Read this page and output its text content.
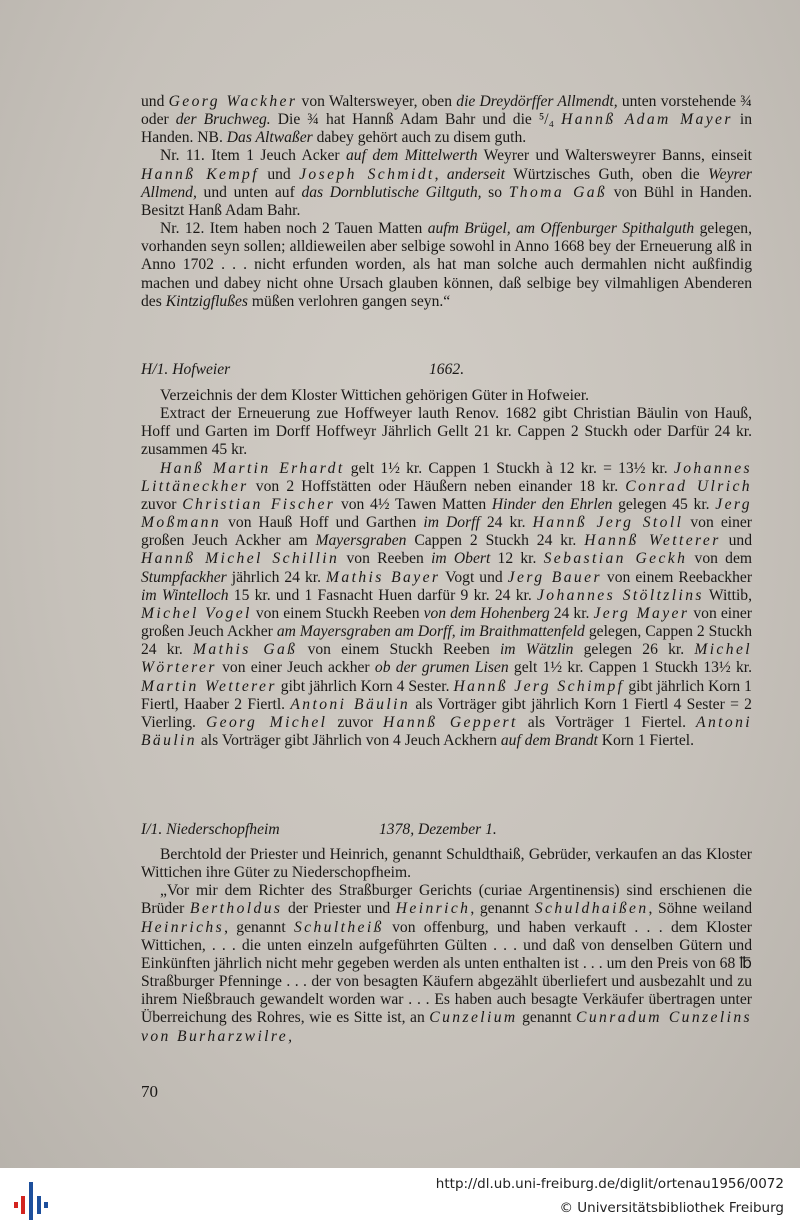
und Georg Wackher von Waltersweyer, oben die Dreydörffer Allmendt, unten vorstehende ¾ oder der Bruchweg. Die ¾ hat Hannß Adam Bahr und die ⁵/₄ Hannß Adam Mayer in Handen. NB. Das Altwaßer dabey gehört auch zu disem guth.

Nr. 11. Item 1 Jeuch Acker auf dem Mittelwerth Weyrer und Waltersweyrer Banns, einseit Hannß Kempf und Joseph Schmidt, anderseit Würtzisches Guth, oben die Weyrer Allmend, und unten auf das Dornblutische Giltguth, so Thoma Gaß von Bühl in Handen. Besitzt Hanß Adam Bahr.

Nr. 12. Item haben noch 2 Tauen Matten aufm Brügel, am Offenburger Spithalguth gelegen, vorhanden seyn sollen; alldieweilen aber selbige sowohl in Anno 1668 bey der Erneuerung alß in Anno 1702 . . . nicht erfunden worden, als hat man solche auch dermahlen nicht außfindig machen und dabey nicht ohne Ursach glauben können, daß selbige bey vilmahligen Abenderen des Kintzigflußes müßen verlohren gangen seyn.“

H/1. Hofweier	1662.

Verzeichnis der dem Kloster Wittichen gehörigen Güter in Hofweier.

Extract der Erneuerung zue Hoffweyer lauth Renov. 1682 gibt Christian Bäulin von Hauß, Hoff und Garten im Dorff Hoffweyr Jährlich Gellt 21 kr. Cappen 2 Stuckh oder Darfür 24 kr. zusammen 45 kr.

Hanß Martin Erhardt gelt 1½ kr. Cappen 1 Stuckh à 12 kr. = 13½ kr. Johannes Littäneckher von 2 Hoffstätten oder Häußern neben einander 18 kr. Conrad Ulrich zuvor Christian Fischer von 4½ Tawen Matten Hinder den Ehrlen gelegen 45 kr. Jerg Moßmann von Hauß Hoff und Garthen im Dorff 24 kr. Hannß Jerg Stoll von einer großen Jeuch Ackher am Mayersgraben Cappen 2 Stuckh 24 kr. Hannß Wetterer und Hannß Michel Schillin von Reeben im Obert 12 kr. Sebastian Geckh von dem Stumpfackher jährlich 24 kr. Mathis Bayer Vogt und Jerg Bauer von einem Reebackher im Wintelloch 15 kr. und 1 Fasnacht Huen darfür 9 kr. 24 kr. Johannes Stöltzlins Wittib, Michel Vogel von einem Stuckh Reeben von dem Hohenberg 24 kr. Jerg Mayer von einer großen Jeuch Ackher am Mayersgraben am Dorff, im Braithmattenfeld gelegen, Cappen 2 Stuckh 24 kr. Mathis Gaß von einem Stuckh Reeben im Wätzlin gelegen 26 kr. Michel Wörterer von einer Jeuch ackher ob der grumen Lisen gelt 1½ kr. Cappen 1 Stuckh 13½ kr. Martin Wetterer gibt jährlich Korn 4 Sester. Hannß Jerg Schimpf gibt jährlich Korn 1 Fiertl, Haaber 2 Fiertl. Antoni Bäulin als Vorträger gibt jährlich Korn 1 Fiertl 4 Sester = 2 Vierling. Georg Michel zuvor Hannß Geppert als Vorträger 1 Fiertel. Antoni Bäulin als Vorträger gibt Jährlich von 4 Jeuch Ackhern auf dem Brandt Korn 1 Fiertel.

I/1. Niederschopfheim	1378, Dezember 1.

Berchtold der Priester und Heinrich, genannt Schuldthaiß, Gebrüder, verkaufen an das Kloster Wittichen ihre Güter zu Niederschopfheim.

„Vor mir dem Richter des Straßburger Gerichts (curiae Argentinensis) sind erschienen die Brüder Bertholdus der Priester und Heinrich, genannt Schuldhaißen, Söhne weiland Heinrichs, genannt Schultheiß von offenburg, und haben verkauft . . . dem Kloster Wittichen, . . . die unten einzeln aufgeführten Gülten . . . und daß von denselben Gütern und Einkünften jährlich nicht mehr gegeben werden als unten enthalten ist . . . um den Preis von 68 ℔ Straßburger Pfenninge . . . der von besagten Käufern abgezählt überliefert und ausbezahlt und zu ihrem Nießbrauch gewandelt worden war . . . Es haben auch besagte Verkäufer übertragen unter Überreichung des Rohres, wie es Sitte ist, an Cunzelium genannt Cunradum Cunzelins von Burharzwilre,

70
http://dl.ub.uni-freiburg.de/diglit/ortenau1956/0072
© Universitätsbibliothek Freiburg
